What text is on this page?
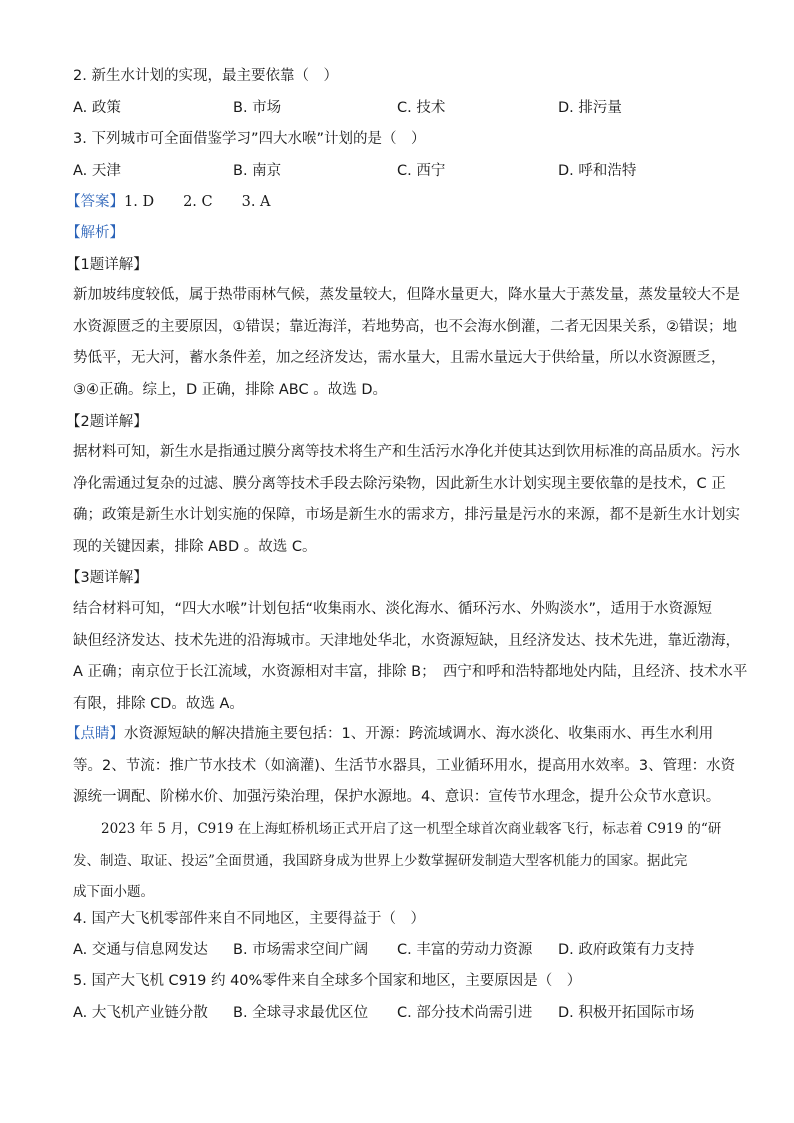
2. 新生水计划的实现，最主要依靠（　）
A. 政策	B. 市场	C. 技术	D. 排污量
3. 下列城市可全面借鉴学习”四大水喉”计划的是（　）
A. 天津	B. 南京	C. 西宁	D. 呼和浩特
【答案】1. D　　2. C　　3. A
【解析】
【1题详解】
新加坡纬度较低，属于热带雨林气候，蒸发量较大，但降水量更大，降水量大于蒸发量，蒸发量较大不是
水资源匮乏的主要原因，①错误；靠近海洋，若地势高，也不会海水倒灌，二者无因果关系，②错误；地
势低平，无大河，蓄水条件差，加之经济发达，需水量大，且需水量远大于供给量，所以水资源匮乏，
③④正确。综上，D 正确，排除 ABC 。故选 D。
【2题详解】
据材料可知，新生水是指通过膜分离等技术将生产和生活污水净化并使其达到饮用标准的高品质水。污水
净化需通过复杂的过滤、膜分离等技术手段去除污染物，因此新生水计划实现主要依靠的是技术，C 正
确；政策是新生水计划实施的保障，市场是新生水的需求方，排污量是污水的来源，都不是新生水计划实
现的关键因素，排除 ABD 。故选 C。
【3题详解】
结合材料可知，“四大水喉”计划包括“收集雨水、淡化海水、循环污水、外购淡水”，适用于水资源短
缺但经济发达、技术先进的沿海城市。天津地处华北，水资源短缺，且经济发达、技术先进，靠近渤海，
A 正确；南京位于长江流域，水资源相对丰富，排除 B；　西宁和呼和浩特都地处内陆，且经济、技术水平
有限，排除 CD。故选 A。
【点睛】水资源短缺的解决措施主要包括：1、开源：跨流域调水、海水淡化、收集雨水、再生水利用
等。2、节流：推广节水技术（如滴灌)、生活节水器具，工业循环用水，提高用水效率。3、管理：水资
源统一调配、阶梯水价、加强污染治理，保护水源地。4、意识：宣传节水理念，提升公众节水意识。
2023 年 5 月，C919 在上海虹桥机场正式开启了这一机型全球首次商业载客飞行，标志着 C919 的“研
发、制造、取证、投运”全面贯通，我国跻身成为世界上少数掌握研发制造大型客机能力的国家。据此完
成下面小题。
4. 国产大飞机零部件来自不同地区，主要得益于（　）
A. 交通与信息网发达 B. 市场需求空间广阔 C. 丰富的劳动力资源 D. 政府政策有力支持
5. 国产大飞机 C919 约 40%零件来自全球多个国家和地区，主要原因是（　）
A. 大飞机产业链分散 B. 全球寻求最优区位 C. 部分技术尚需引进 D. 积极开拓国际市场
